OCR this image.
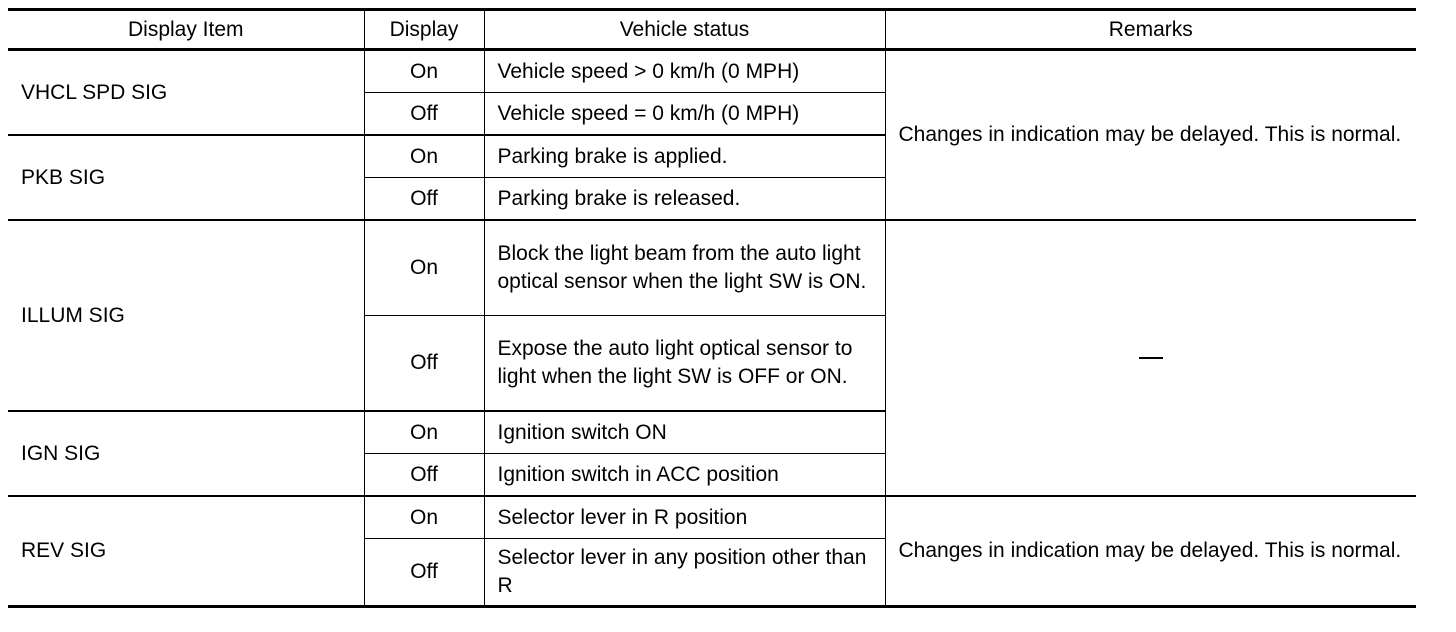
Display Item	Display	Vehicle status	Remarks
VHCL SPD SIG	On	Vehicle speed > 0 km/h (0 MPH)	Changes in indication may be delayed. This is normal.
	Off	Vehicle speed = 0 km/h (0 MPH)	
PKB SIG	On	Parking brake is applied.	
	Off	Parking brake is released.	
ILLUM SIG	On	Block the light beam from the auto light optical sensor when the light SW is ON.	
	Off	Expose the auto light optical sensor to light when the light SW is OFF or ON.	
IGN SIG	On	Ignition switch ON	
	Off	Ignition switch in ACC position	
REV SIG	On	Selector lever in R position	Changes in indication may be delayed. This is normal.
	Off	Selector lever in any position other than R	
